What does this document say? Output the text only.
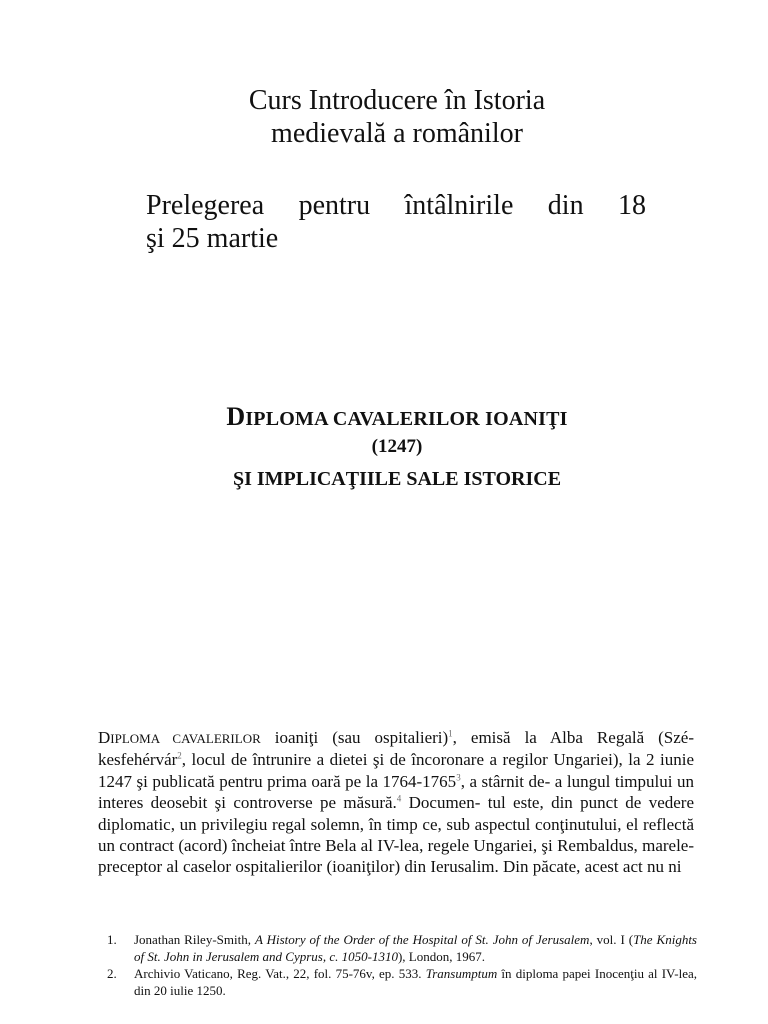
Curs Introducere în Istoria
medievală a românilor
Prelegerea pentru întâlnirile din 18
şi 25 martie
DIPLOMA CAVALERILOR IOANIŢI
(1247)
ŞI IMPLICAŢIILE SALE ISTORICE
DIPLOMA CAVALERILOR ioaniţi (sau ospitalieri)$^1$, emisă la Alba Regală (Szé- kesfehérvár$^2$, locul de întrunire a dietei şi de încoronare a regilor Ungariei), la 2 iunie 1247 şi publicată pentru prima oară pe la 1764-1765$^3$, a stârnit de- a lungul timpului un interes deosebit şi controverse pe măsură.$^4$ Documen- tul este, din punct de vedere diplomatic, un privilegiu regal solemn, în timp ce, sub aspectul conţinutului, el reflectă un contract (acord) încheiat între Bela al IV-lea, regele Ungariei, şi Rembaldus, marele-preceptor al caselor ospitalierilor (ioaniţilor) din Ierusalim. Din păcate, acest act nu ni
1.	Jonathan Riley-Smith, A History of the Order of the Hospital of St. John of Jerusalem, vol. I (The Knights of St. John in Jerusalem and Cyprus, c. 1050-1310), London, 1967.
2.	Archivio Vaticano, Reg. Vat., 22, fol. 75-76v, ep. 533. Transumptum în diploma papei Inocenţiu al IV-lea, din 20 iulie 1250.
